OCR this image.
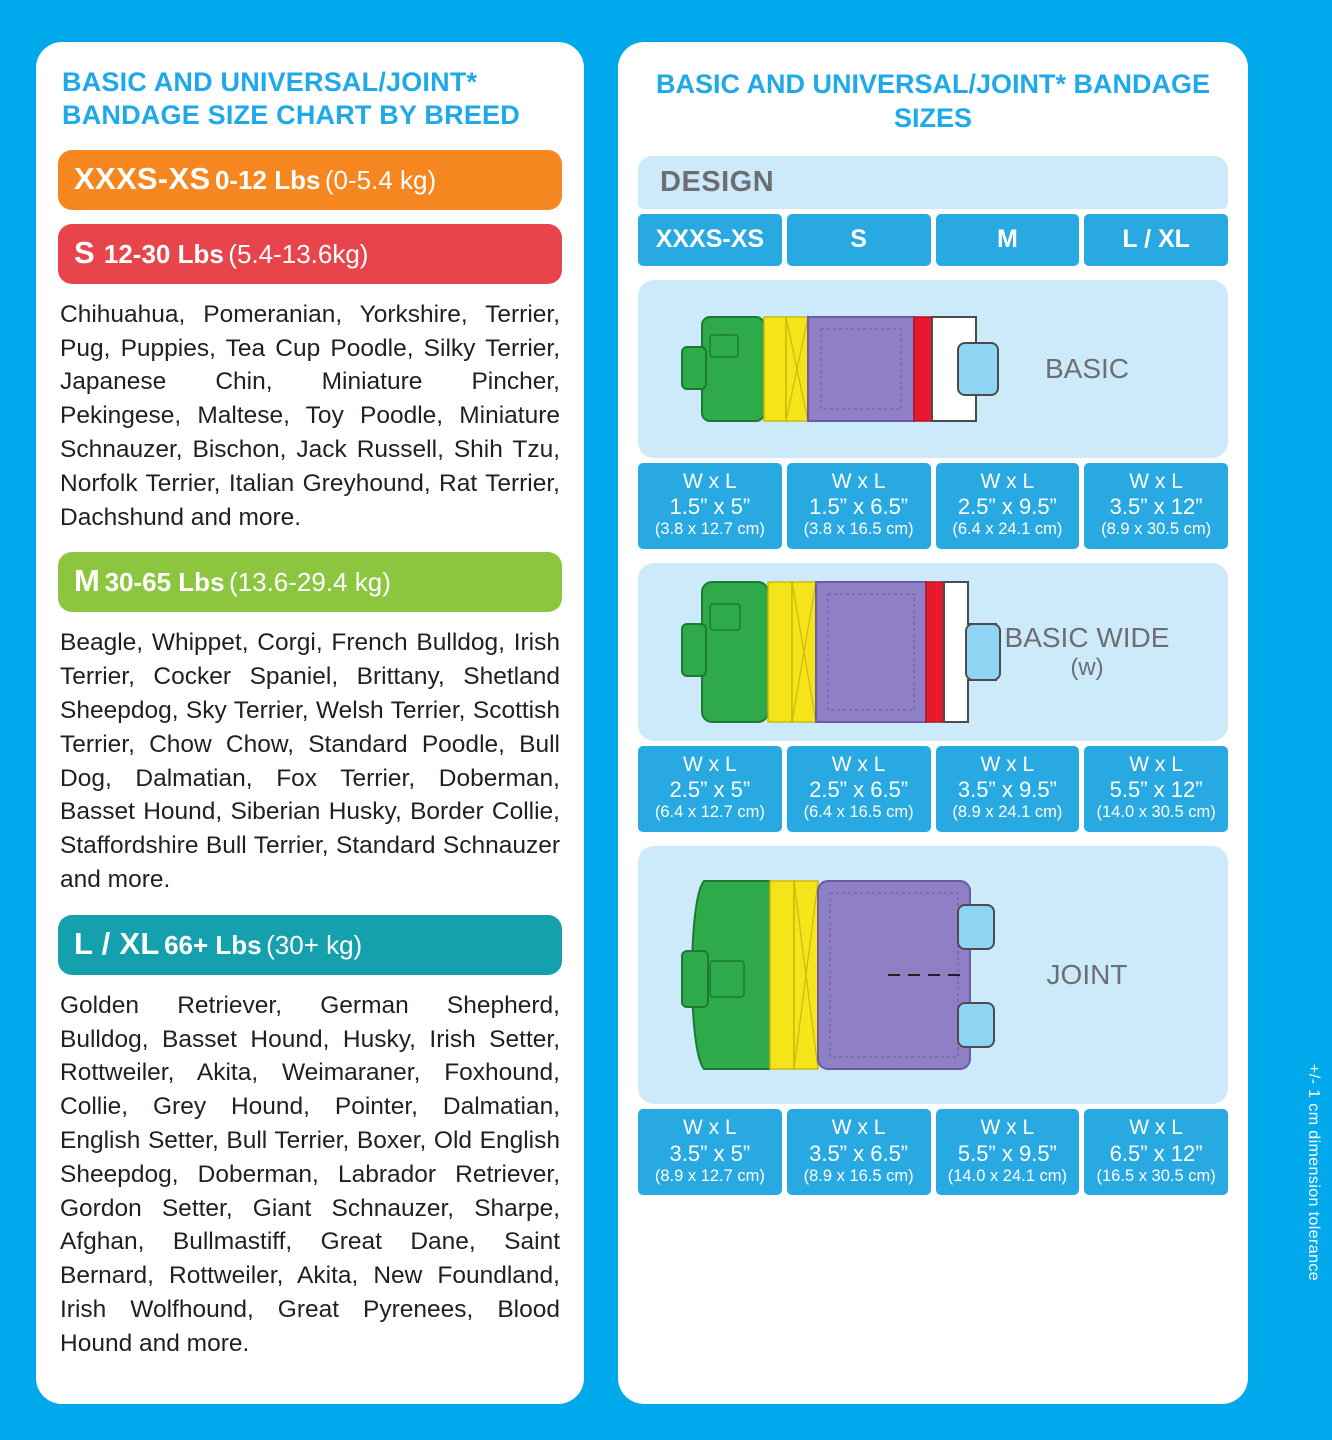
BASIC AND UNIVERSAL/JOINT* BANDAGE SIZE CHART BY BREED
XXXS-XS 0-12 Lbs (0-5.4 kg)
S 12-30 Lbs (5.4-13.6kg)
Chihuahua, Pomeranian, Yorkshire, Terrier, Pug, Puppies, Tea Cup Poodle, Silky Terrier, Japanese Chin, Miniature Pincher, Pekingese, Maltese, Toy Poodle, Miniature Schnauzer, Bischon, Jack Russell, Shih Tzu, Norfolk Terrier, Italian Greyhound, Rat Terrier, Dachshund and more.
M 30-65 Lbs (13.6-29.4 kg)
Beagle, Whippet, Corgi, French Bulldog, Irish Terrier, Cocker Spaniel, Brittany, Shetland Sheepdog, Sky Terrier, Welsh Terrier, Scottish Terrier, Chow Chow, Standard Poodle, Bull Dog, Dalmatian, Fox Terrier, Doberman, Basset Hound, Siberian Husky, Border Collie, Staffordshire Bull Terrier, Standard Schnauzer and more.
L / XL 66+ Lbs (30+ kg)
Golden Retriever, German Shepherd, Bulldog, Basset Hound, Husky, Irish Setter, Rottweiler, Akita, Weimaraner, Foxhound, Collie, Grey Hound, Pointer, Dalmatian, English Setter, Bull Terrier, Boxer, Old English Sheepdog, Doberman, Labrador Retriever, Gordon Setter, Giant Schnauzer, Sharpe, Afghan, Bullmastiff, Great Dane, Saint Bernard, Rottweiler, Akita, New Foundland, Irish Wolfhound, Great Pyrenees, Blood Hound and more.
BASIC AND UNIVERSAL/JOINT* BANDAGE SIZES
DESIGN
XXXS-XS	S	M	L / XL
BASIC
W x L
1.5” x 5”
(3.8 x 12.7 cm)
W x L
1.5” x 6.5”
(3.8 x 16.5 cm)
W x L
2.5” x 9.5”
(6.4 x 24.1 cm)
W x L
3.5” x 12”
(8.9 x 30.5 cm)
BASIC WIDE
(w)
W x L
2.5” x 5”
(6.4 x 12.7 cm)
W x L
2.5” x 6.5”
(6.4 x 16.5 cm)
W x L
3.5” x 9.5”
(8.9 x 24.1 cm)
W x L
5.5” x 12”
(14.0 x 30.5 cm)
JOINT
W x L
3.5” x 5”
(8.9 x 12.7 cm)
W x L
3.5” x 6.5”
(8.9 x 16.5 cm)
W x L
5.5” x 9.5”
(14.0 x 24.1 cm)
W x L
6.5” x 12”
(16.5 x 30.5 cm)	+/- 1 cm dimension tolerance
